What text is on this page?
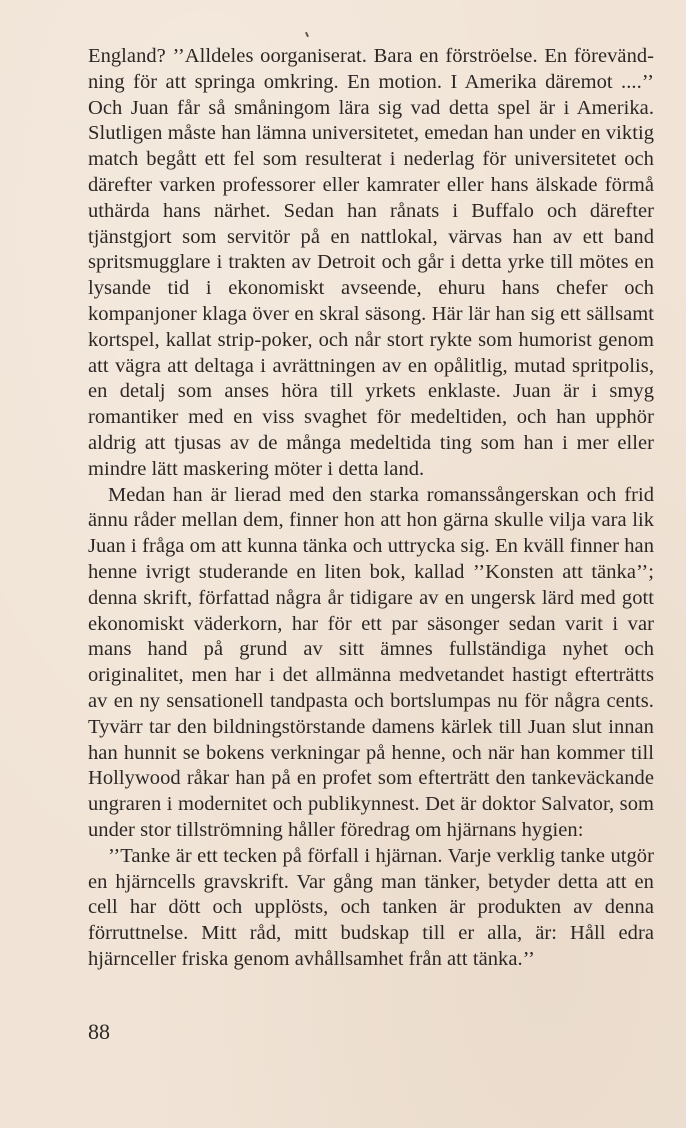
England? ’’Alldeles oorganiserat. Bara en förströelse. En förevändning för att springa omkring. En motion. I Amerika däremot ....’’ Och Juan får så småningom lära sig vad detta spel är i Amerika. Slutligen måste han lämna universitetet, emedan han under en viktig match begått ett fel som resulterat i nederlag för universitetet och därefter varken professorer eller kamrater eller hans älskade förmå uthärda hans närhet. Sedan han rånats i Buffalo och därefter tjänstgjort som servitör på en nattlokal, värvas han av ett band spritsmugglare i trakten av Detroit och går i detta yrke till mötes en lysande tid i ekonomiskt avseende, ehuru hans chefer och kompanjoner klaga över en skral säsong. Här lär han sig ett sällsamt kortspel, kallat strip-poker, och når stort rykte som humorist genom att vägra att deltaga i avrättningen av en opålitlig, mutad spritpolis, en detalj som anses höra till yrkets enklaste. Juan är i smyg romantiker med en viss svaghet för medeltiden, och han upphör aldrig att tjusas av de många medeltida ting som han i mer eller mindre lätt maskering möter i detta land.

Medan han är lierad med den starka romanssångerskan och frid ännu råder mellan dem, finner hon att hon gärna skulle vilja vara lik Juan i fråga om att kunna tänka och uttrycka sig. En kväll finner han henne ivrigt studerande en liten bok, kallad ’’Konsten att tänka’’; denna skrift, författad några år tidigare av en ungersk lärd med gott ekonomiskt väderkorn, har för ett par säsonger sedan varit i var mans hand på grund av sitt ämnes fullständiga nyhet och originalitet, men har i det allmänna medvetandet hastigt efterträtts av en ny sensationell tandpasta och bortslumpas nu för några cents. Tyvärr tar den bildningstörstande damens kärlek till Juan slut innan han hunnit se bokens verkningar på henne, och när han kommer till Hollywood råkar han på en profet som efterträtt den tankeväckande ungraren i modernitet och publikynnest. Det är doktor Salvator, som under stor tillströmning håller föredrag om hjärnans hygien:

’’Tanke är ett tecken på förfall i hjärnan. Varje verklig tanke utgör en hjärncells gravskrift. Var gång man tänker, betyder detta att en cell har dött och upplösts, och tanken är produkten av denna förruttnelse. Mitt råd, mitt budskap till er alla, är: Håll edra hjärnceller friska genom avhållsamhet från att tänka.’’

88
